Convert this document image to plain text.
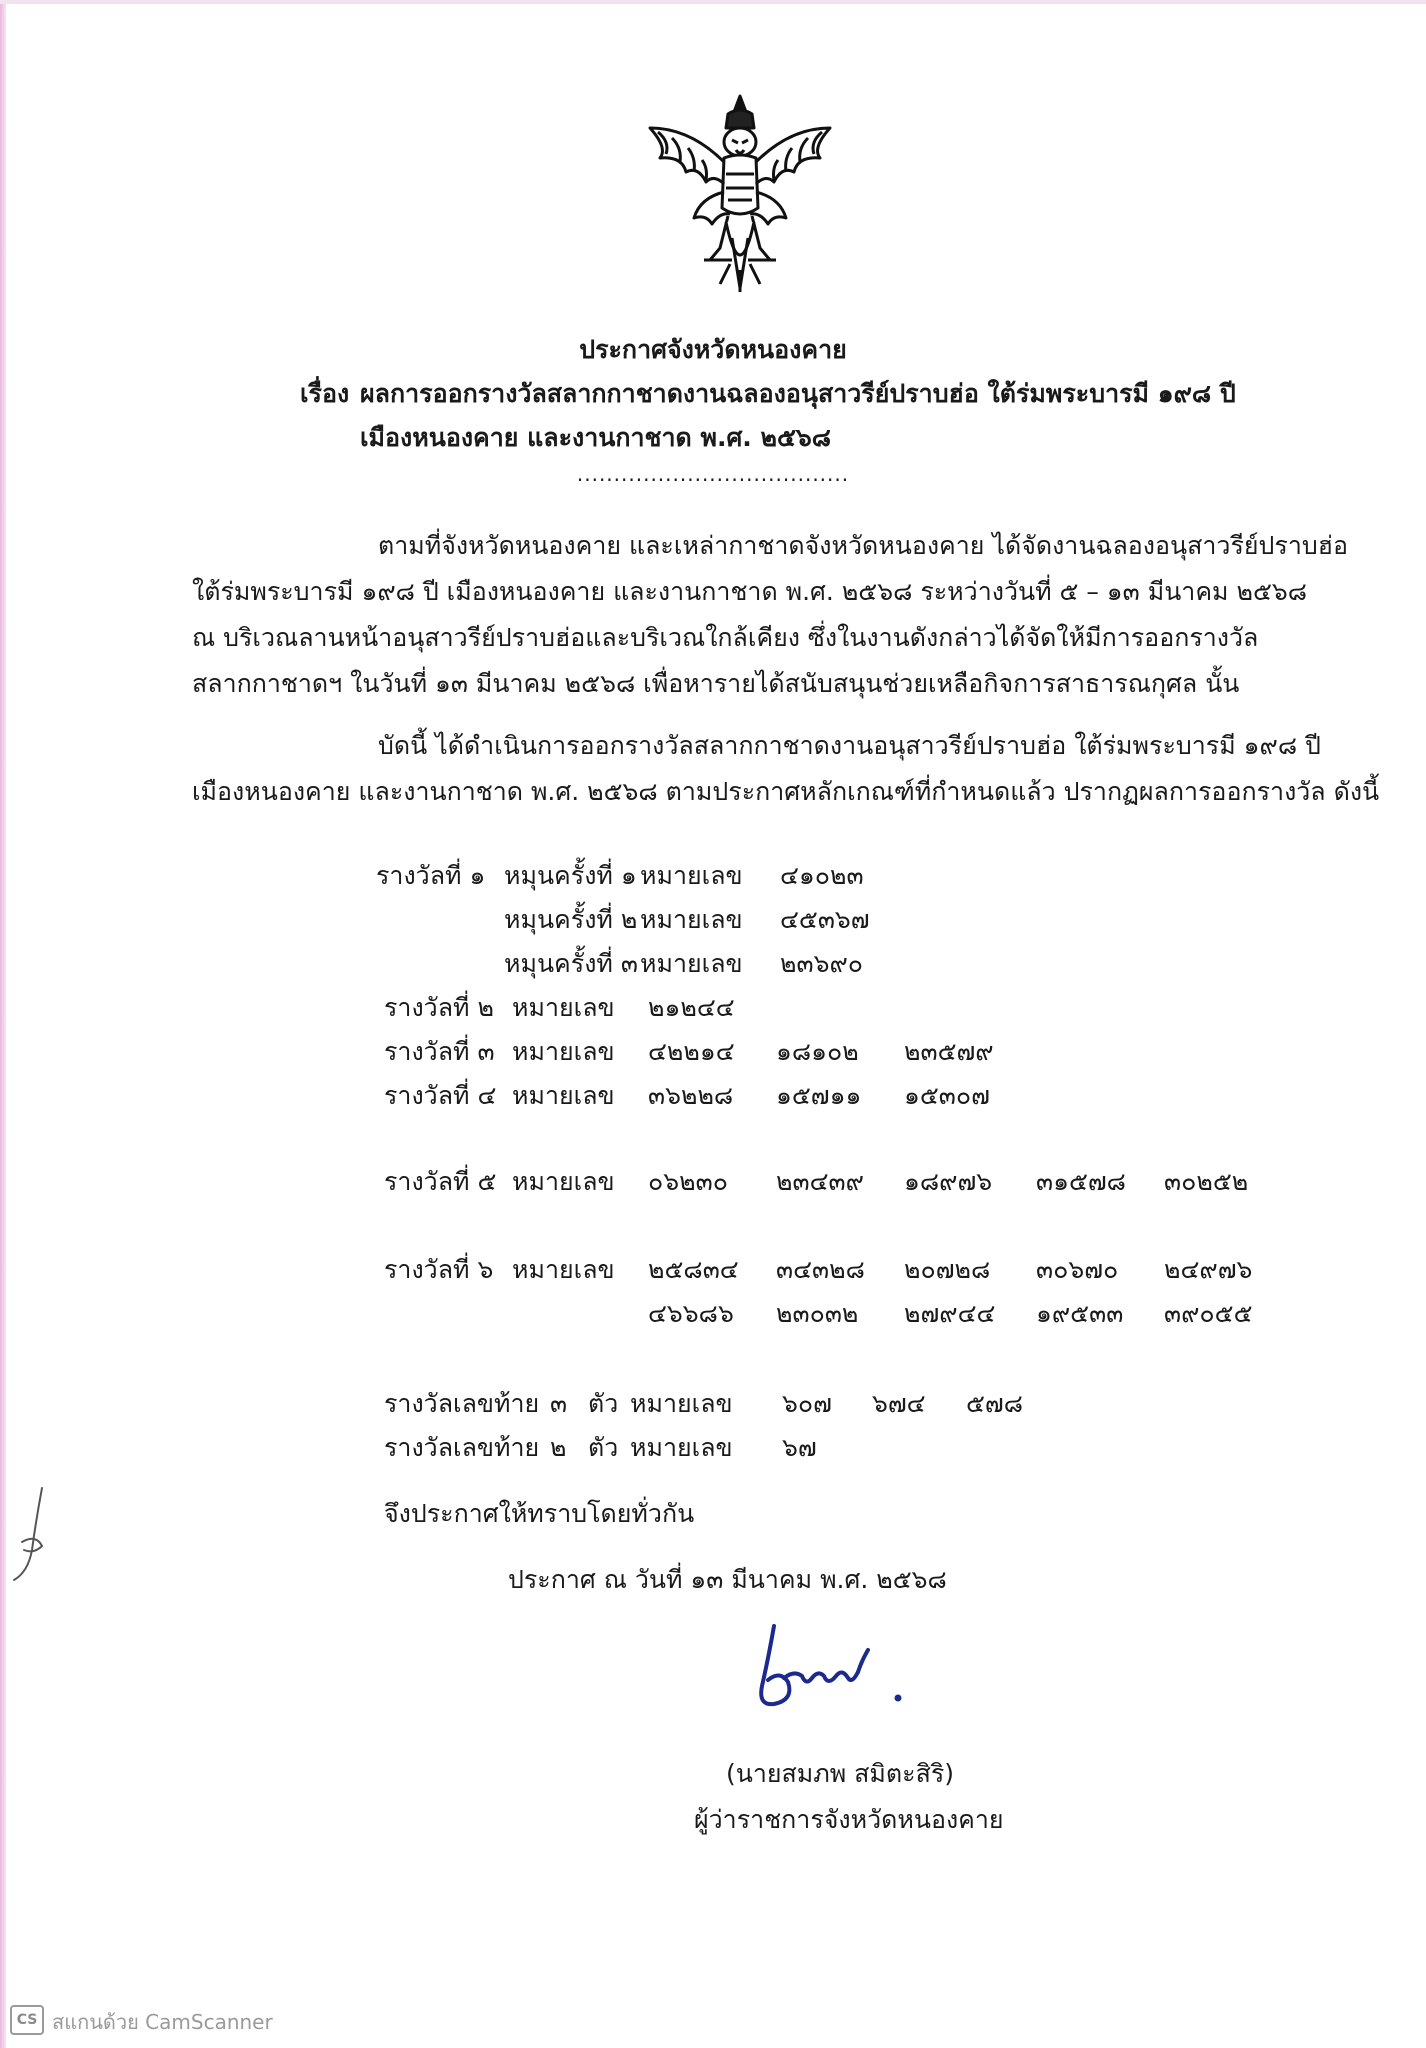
ประกาศจังหวัดหนองคาย
เรื่อง ผลการออกรางวัลสลากกาชาดงานฉลองอนุสาวรีย์ปราบฮ่อ ใต้ร่มพระบารมี ๑๙๘ ปี
เมืองหนองคาย และงานกาชาด พ.ศ. ๒๕๖๘
.....................................
ตามที่จังหวัดหนองคาย และเหล่ากาชาดจังหวัดหนองคาย ได้จัดงานฉลองอนุสาวรีย์ปราบฮ่อ
ใต้ร่มพระบารมี ๑๙๘ ปี เมืองหนองคาย และงานกาชาด พ.ศ. ๒๕๖๘ ระหว่างวันที่ ๕ – ๑๓ มีนาคม ๒๕๖๘
ณ บริเวณลานหน้าอนุสาวรีย์ปราบฮ่อและบริเวณใกล้เคียง ซึ่งในงานดังกล่าวได้จัดให้มีการออกรางวัล
สลากกาชาดฯ ในวันที่ ๑๓ มีนาคม ๒๕๖๘ เพื่อหารายได้สนับสนุนช่วยเหลือกิจการสาธารณกุศล นั้น
บัดนี้ ได้ดำเนินการออกรางวัลสลากกาชาดงานอนุสาวรีย์ปราบฮ่อ ใต้ร่มพระบารมี ๑๙๘ ปี
เมืองหนองคาย และงานกาชาด พ.ศ. ๒๕๖๘ ตามประกาศหลักเกณฑ์ที่กำหนดแล้ว ปรากฏผลการออกรางวัล ดังนี้
รางวัลที่ ๑ หมุนครั้งที่ ๑ หมายเลข ๔๑๐๒๓
หมุนครั้งที่ ๒ หมายเลข ๔๕๓๖๗
หมุนครั้งที่ ๓ หมายเลข ๒๓๖๙๐
รางวัลที่ ๒ หมายเลข ๒๑๒๔๔
รางวัลที่ ๓ หมายเลข ๔๒๒๑๔ ๑๘๑๐๒ ๒๓๕๗๙
รางวัลที่ ๔ หมายเลข ๓๖๒๒๘ ๑๕๗๑๑ ๑๕๓๐๗
รางวัลที่ ๕ หมายเลข ๐๖๒๓๐ ๒๓๔๓๙ ๑๘๙๗๖ ๓๑๕๗๘ ๓๐๒๕๒
รางวัลที่ ๖ หมายเลข ๒๕๘๓๔ ๓๔๓๒๘ ๒๐๗๒๘ ๓๐๖๗๐ ๒๔๙๗๖
๔๖๖๘๖ ๒๓๐๓๒ ๒๗๙๔๔ ๑๙๕๓๓ ๓๙๐๕๕
รางวัลเลขท้าย ๓ ตัว หมายเลข ๖๐๗ ๖๗๔ ๕๗๘
รางวัลเลขท้าย ๒ ตัว หมายเลข ๖๗
จึงประกาศให้ทราบโดยทั่วกัน
ประกาศ ณ วันที่ ๑๓ มีนาคม พ.ศ. ๒๕๖๘
(นายสมภพ สมิตะสิริ)
ผู้ว่าราชการจังหวัดหนองคาย
CS สแกนด้วย CamScanner
